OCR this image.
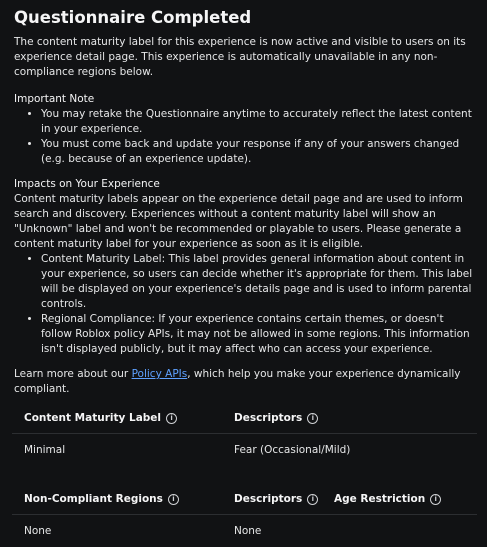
Questionnaire Completed

The content maturity label for this experience is now active and visible to users on its experience detail page. This experience is automatically unavailable in any non-compliance regions below.

Important Note
• You may retake the Questionnaire anytime to accurately reflect the latest content in your experience.
• You must come back and update your response if any of your answers changed (e.g. because of an experience update).
Impacts on Your Experience

Content maturity labels appear on the experience detail page and are used to inform search and discovery. Experiences without a content maturity label will show an "Unknown" label and won't be recommended or playable to users. Please generate a content maturity label for your experience as soon as it is eligible.

• Content Maturity Label: This label provides general information about content in your experience, so users can decide whether it's appropriate for them. This label will be displayed on your experience's details page and is used to inform parental controls.
• Regional Compliance: If your experience contains certain themes, or doesn't follow Roblox policy APIs, it may not be allowed in some regions. This information isn't displayed publicly, but it may affect who can access your experience.

Learn more about our Policy APIs, which help you make your experience dynamically compliant.

Content Maturity Label i	Descriptors i
Minimal	Fear (Occasional/Mild)
Non-Compliant Regions i	Descriptors i	Age Restriction i
None	None
